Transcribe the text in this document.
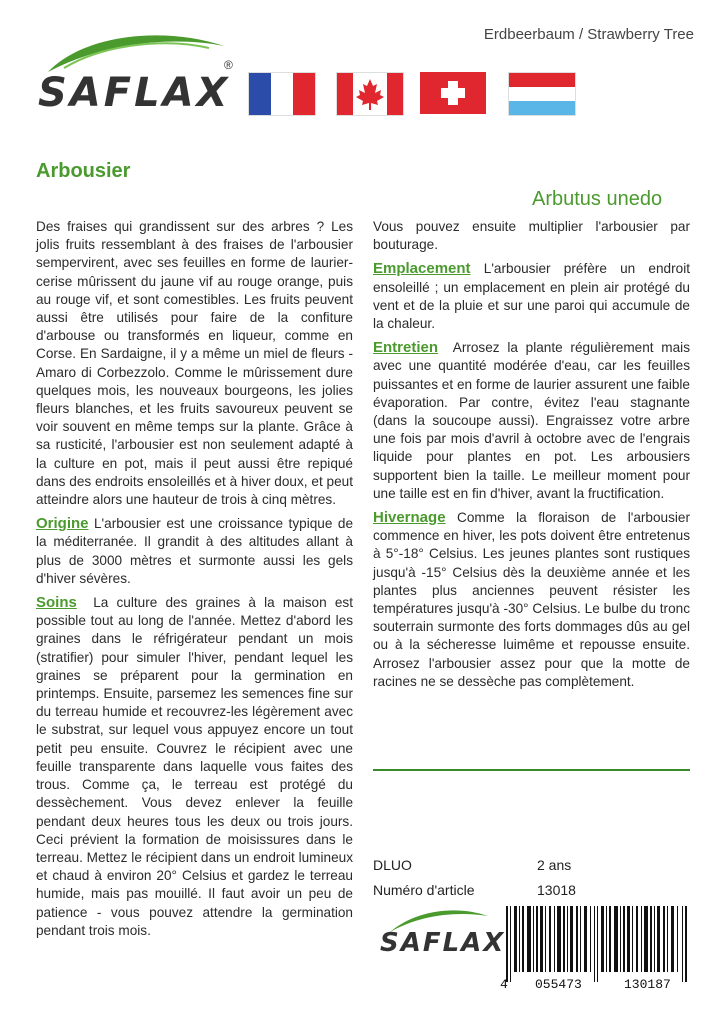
SAFLAX
®
Erdbeerbaum / Strawberry Tree
Arbousier
Arbutus unedo

Des fraises qui grandissent sur des arbres ? Les jolis fruits ressemblant à des fraises de l'arbousier sempervirent, avec ses feuilles en forme de laurier-cerise mûrissent du jaune vif au rouge orange, puis au rouge vif, et sont comestibles. Les fruits peuvent aussi être utilisés pour faire de la confiture d'arbouse ou transformés en liqueur, comme en Corse. En Sardaigne, il y a même un miel de fleurs - Amaro di Corbezzolo. Comme le mûrissement dure quelques mois, les nouveaux bourgeons, les jolies fleurs blanches, et les fruits savoureux peuvent se voir souvent en même temps sur la plante. Grâce à sa rusticité, l'arbousier est non seulement adapté à la culture en pot, mais il peut aussi être repiqué dans des endroits ensoleillés et à hiver doux, et peut atteindre alors une hauteur de trois à cinq mètres.

Origine L'arbousier est une croissance typique de la méditerranée. Il grandit à des altitudes allant à plus de 3000 mètres et surmonte aussi les gels d'hiver sévères.

Soins  La culture des graines à la maison est possible tout au long de l'année. Mettez d'abord les graines dans le réfrigérateur pendant un mois (stratifier) pour simuler l'hiver, pendant lequel les graines se préparent pour la germination en printemps. Ensuite, parsemez les semences fine sur du terreau humide et recouvrez-les légèrement avec le substrat, sur lequel vous appuyez encore un tout petit peu ensuite. Couvrez le récipient avec une feuille transparente dans laquelle vous faites des trous. Comme ça, le terreau est protégé du dessèchement. Vous devez enlever la feuille pendant deux heures tous les deux ou trois jours. Ceci prévient la formation de moisissures dans le terreau. Mettez le récipient dans un endroit lumineux et chaud à environ 20° Celsius et gardez le terreau humide, mais pas mouillé. Il faut avoir un peu de patience - vous pouvez attendre la germination pendant trois mois.

Vous pouvez ensuite multiplier l'arbousier par bouturage.

Emplacement L'arbousier préfère un endroit ensoleillé ; un emplacement en plein air protégé du vent et de la pluie et sur une paroi qui accumule de la chaleur.

Entretien  Arrosez la plante régulièrement mais avec une quantité modérée d'eau, car les feuilles puissantes et en forme de laurier assurent une faible évaporation. Par contre, évitez l'eau stagnante (dans la soucoupe aussi). Engraissez votre arbre une fois par mois d'avril à octobre avec de l'engrais liquide pour plantes en pot. Les arbousiers supportent bien la taille. Le meilleur moment pour une taille est en fin d'hiver, avant la fructification.

Hivernage Comme la floraison de l'arbousier commence en hiver, les pots doivent être entretenus à 5°-18° Celsius. Les jeunes plantes sont rustiques jusqu'à -15° Celsius dès la deuxième année et les plantes plus anciennes peuvent résister les températures jusqu'à -30° Celsius. Le bulbe du tronc souterrain surmonte des forts dommages dûs au gel ou à la sécheresse luimême et repousse ensuite. Arrosez l'arbousier assez pour que la motte de racines ne se dessèche pas complètement.

DLUO	2 ans
Numéro d'article	13018
SAFLAX
4 055473	130187
